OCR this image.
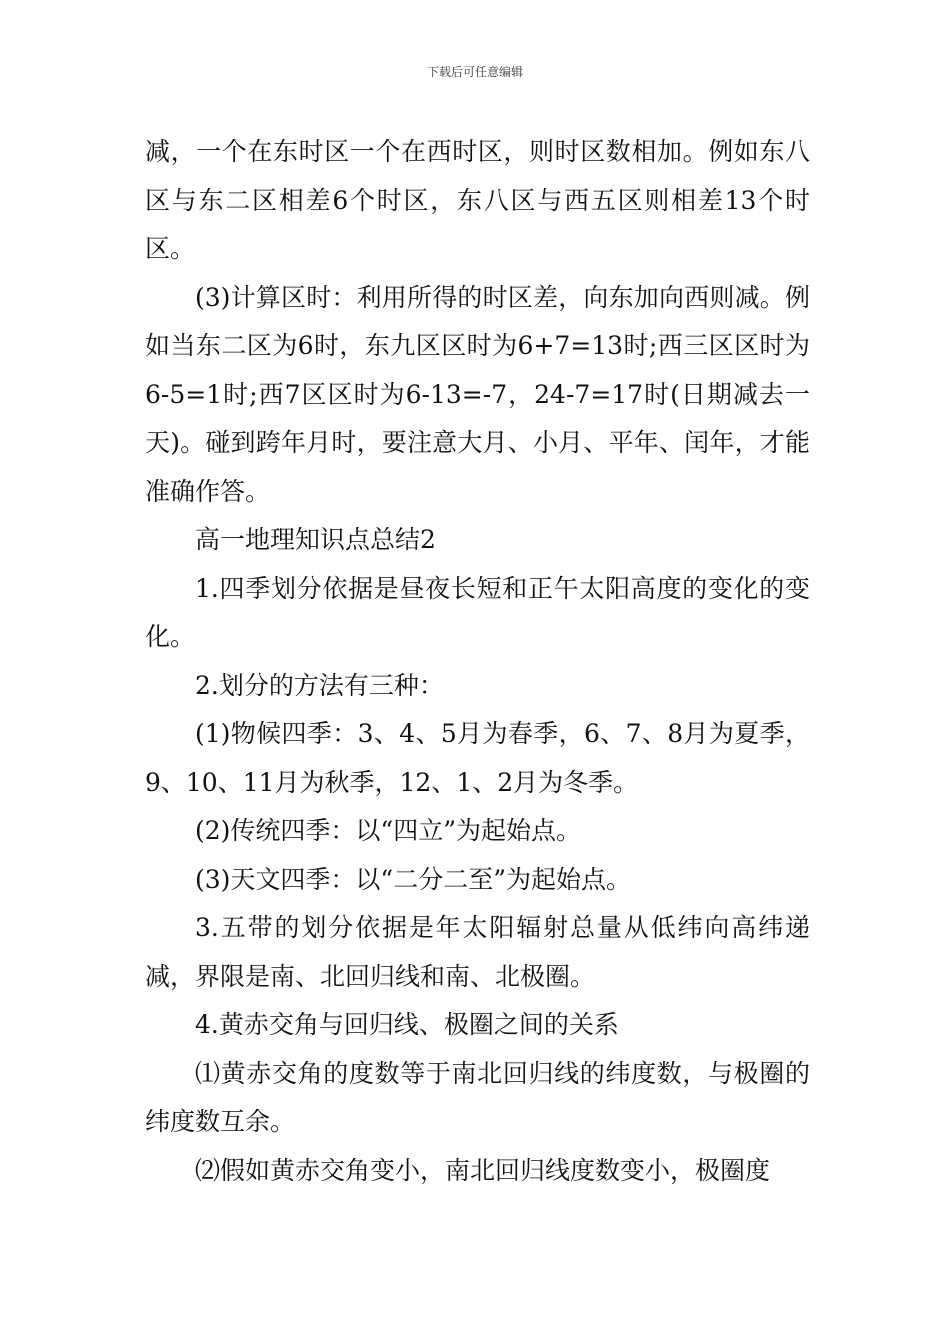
下载后可任意编辑

减，一个在东时区一个在西时区，则时区数相加。例如东八区与东二区相差6个时区，东八区与西五区则相差13个时区。

(3)计算区时：利用所得的时区差，向东加向西则减。例如当东二区为6时，东九区区时为6+7=13时;西三区区时为6-5=1时;西7区区时为6-13=-7，24-7=17时(日期减去一天)。碰到跨年月时，要注意大月、小月、平年、闰年，才能准确作答。

高一地理知识点总结2

1.四季划分依据是昼夜长短和正午太阳高度的变化的变化。

2.划分的方法有三种：

(1)物候四季：3、4、5月为春季，6、7、8月为夏季，9、10、11月为秋季，12、1、2月为冬季。

(2)传统四季：以“四立”为起始点。

(3)天文四季：以“二分二至”为起始点。

3.五带的划分依据是年太阳辐射总量从低纬向高纬递减，界限是南、北回归线和南、北极圈。

4.黄赤交角与回归线、极圈之间的关系

⑴黄赤交角的度数等于南北回归线的纬度数，与极圈的纬度数互余。

⑵假如黄赤交角变小，南北回归线度数变小，极圈度
